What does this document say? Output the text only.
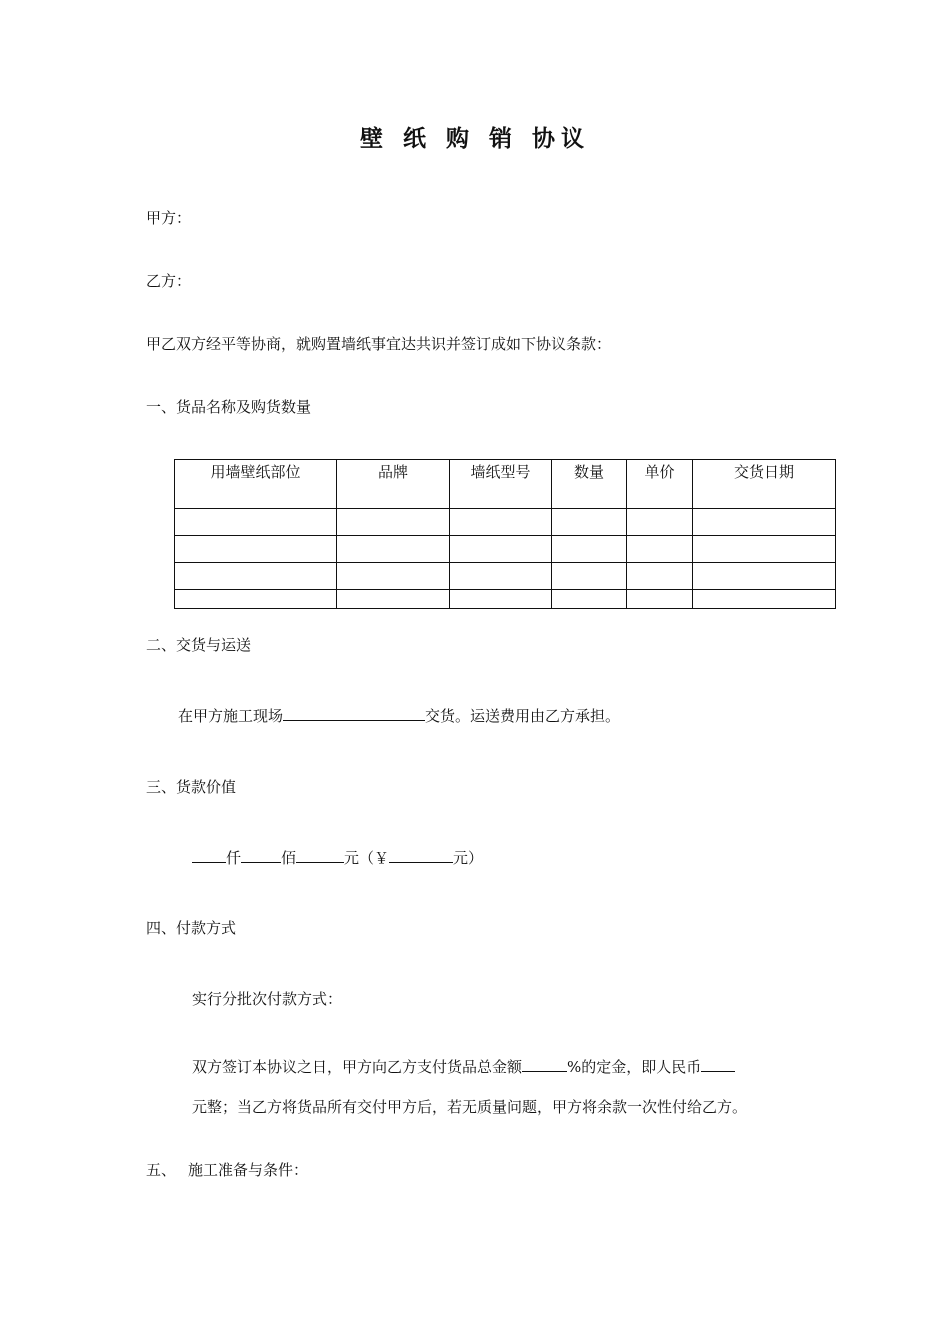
壁 纸 购 销 协议
甲方：
乙方：
甲乙双方经平等协商，就购置墙纸事宜达共识并签订成如下协议条款：
一、货品名称及购货数量
用墙壁纸部位	品牌	墙纸型号	数量	单价	交货日期

二、交货与运送
在甲方施工现场	交货。运送费用由乙方承担。
三、货款价值
仟	佰	元（￥	元）
四、付款方式
实行分批次付款方式：
双方签订本协议之日，甲方向乙方支付货品总金额	%的定金，即人民币
元整；当乙方将货品所有交付甲方后，若无质量问题，甲方将余款一次性付给乙方。
五、 施工准备与条件：
